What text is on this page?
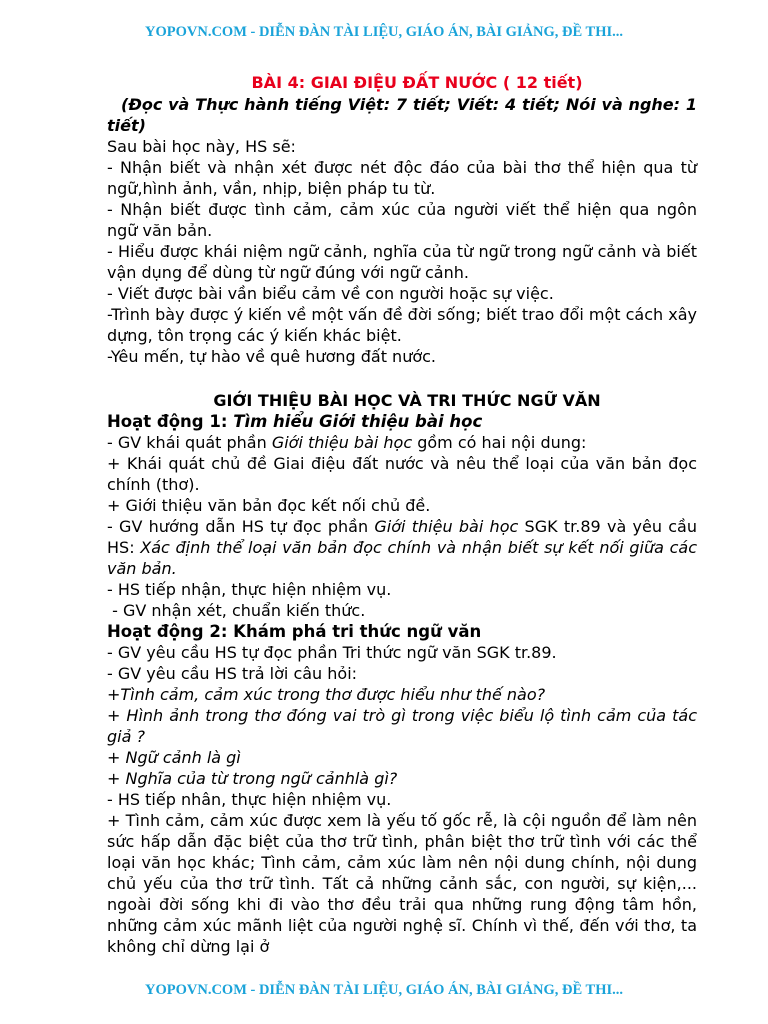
YOPOVN.COM - DIỄN ĐÀN TÀI LIỆU, GIÁO ÁN, BÀI GIẢNG, ĐỀ THI...

BÀI 4: GIAI ĐIỆU ĐẤT NƯỚC ( 12 tiết)

(Đọc và Thực hành tiếng Việt: 7 tiết; Viết: 4 tiết; Nói và nghe: 1 tiết)

Sau bài học này, HS sẽ:

- Nhận biết và nhận xét được nét độc đáo của bài thơ thể hiện qua từ ngữ,hình ảnh, vần, nhịp, biện pháp tu từ.

- Nhận biết được tình cảm, cảm xúc của người viết thể hiện qua ngôn ngữ văn bản.

- Hiểu được khái niệm ngữ cảnh, nghĩa của từ ngữ trong ngữ cảnh và biết vận dụng để dùng từ ngữ đúng với ngữ cảnh.

- Viết được bài vần biểu cảm về con người hoặc sự việc.

-Trình bày được ý kiến về một vấn đề đời sống; biết trao đổi một cách xây dựng, tôn trọng các ý kiến khác biệt.

-Yêu mến, tự hào về quê hương đất nước.

GIỚI THIỆU BÀI HỌC VÀ TRI THỨC NGỮ VĂN

Hoạt động 1: Tìm hiểu Giới thiệu bài học

- GV khái quát phần Giới thiệu bài học gồm có hai nội dung:

+ Khái quát chủ đề Giai điệu đất nước và nêu thể loại của văn bản đọc chính (thơ).

+ Giới thiệu văn bản đọc kết nối chủ đề.

- GV hướng dẫn HS tự đọc phần Giới thiệu bài học SGK tr.89 và yêu cầu HS: Xác định thể loại văn bản đọc chính và nhận biết sự kết nối giữa các văn bản.

- HS tiếp nhận, thực hiện nhiệm vụ.

- GV nhận xét, chuẩn kiến thức.

Hoạt động 2: Khám phá tri thức ngữ văn

- GV yêu cầu HS tự đọc phần Tri thức ngữ văn SGK tr.89.

- GV yêu cầu HS trả lời câu hỏi:

+Tình cảm, cảm xúc trong thơ được hiểu như thế nào?

+ Hình ảnh trong thơ đóng vai trò gì trong việc biểu lộ tình cảm của tác giả ?

+ Ngữ cảnh là gì

+ Nghĩa của từ trong ngữ cảnhlà gì?

- HS tiếp nhân, thực hiện nhiệm vụ.

+ Tình cảm, cảm xúc được xem là yếu tố gốc rễ, là cội nguồn để làm nên sức hấp dẫn đặc biệt của thơ trữ tình, phân biệt thơ trữ tình với các thể loại văn học khác; Tình cảm, cảm xúc làm nên nội dung chính, nội dung chủ yếu của thơ trữ tình. Tất cả những cảnh sắc, con người, sự kiện,... ngoài đời sống khi đi vào thơ đều trải qua những rung động tâm hồn, những cảm xúc mãnh liệt của người nghệ sĩ. Chính vì thế, đến với thơ, ta không chỉ dừng lại ở

YOPOVN.COM - DIỄN ĐÀN TÀI LIỆU, GIÁO ÁN, BÀI GIẢNG, ĐỀ THI...
